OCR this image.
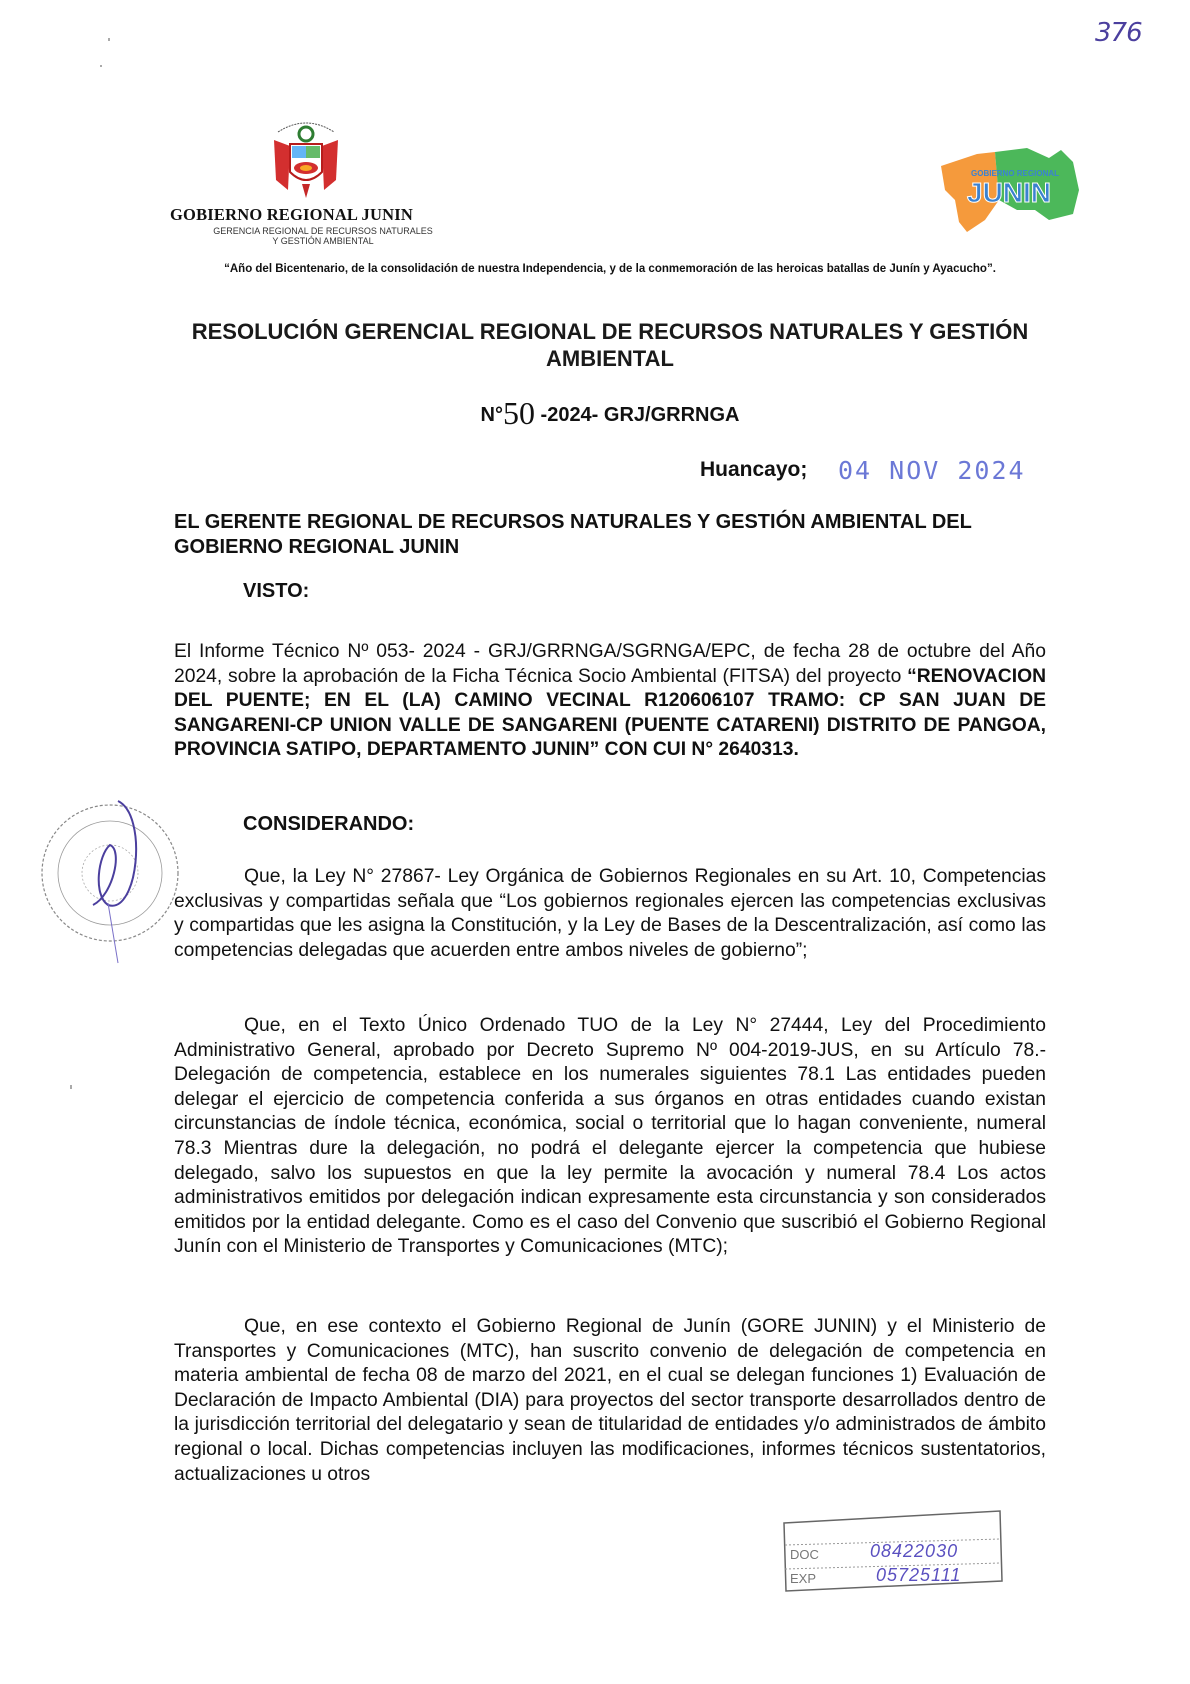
376
GOBIERNO REGIONAL JUNIN
GERENCIA REGIONAL DE RECURSOS NATURALES
Y GESTIÓN AMBIENTAL
GOBIERNO REGIONAL
JUNIN
“Año del Bicentenario, de la consolidación de nuestra Independencia, y de la conmemoración de las heroicas batallas de Junín y Ayacucho”.
RESOLUCIÓN GERENCIAL REGIONAL DE RECURSOS NATURALES Y GESTIÓN AMBIENTAL
N°50 -2024- GRJ/GRRNGA
Huancayo; 04 NOV 2024
EL GERENTE REGIONAL DE RECURSOS NATURALES Y GESTIÓN AMBIENTAL DEL GOBIERNO REGIONAL JUNIN
VISTO:
El Informe Técnico Nº 053- 2024 - GRJ/GRRNGA/SGRNGA/EPC, de fecha 28 de octubre del Año 2024, sobre la aprobación de la Ficha Técnica Socio Ambiental (FITSA) del proyecto “RENOVACION DEL PUENTE; EN EL (LA) CAMINO VECINAL R120606107 TRAMO: CP SAN JUAN DE SANGARENI-CP UNION VALLE DE SANGARENI (PUENTE CATARENI) DISTRITO DE PANGOA, PROVINCIA SATIPO, DEPARTAMENTO JUNIN” CON CUI N° 2640313.
CONSIDERANDO:
Que, la Ley N° 27867- Ley Orgánica de Gobiernos Regionales en su Art. 10, Competencias exclusivas y compartidas señala que “Los gobiernos regionales ejercen las competencias exclusivas y compartidas que les asigna la Constitución, y la Ley de Bases de la Descentralización, así como las competencias delegadas que acuerden entre ambos niveles de gobierno”;
Que, en el Texto Único Ordenado TUO de la Ley N° 27444, Ley del Procedimiento Administrativo General, aprobado por Decreto Supremo Nº 004-2019-JUS, en su Artículo 78.- Delegación de competencia, establece en los numerales siguientes 78.1 Las entidades pueden delegar el ejercicio de competencia conferida a sus órganos en otras entidades cuando existan circunstancias de índole técnica, económica, social o territorial que lo hagan conveniente, numeral 78.3 Mientras dure la delegación, no podrá el delegante ejercer la competencia que hubiese delegado, salvo los supuestos en que la ley permite la avocación y numeral 78.4 Los actos administrativos emitidos por delegación indican expresamente esta circunstancia y son considerados emitidos por la entidad delegante. Como es el caso del Convenio que suscribió el Gobierno Regional Junín con el Ministerio de Transportes y Comunicaciones (MTC);
Que, en ese contexto el Gobierno Regional de Junín (GORE JUNIN) y el Ministerio de Transportes y Comunicaciones (MTC), han suscrito convenio de delegación de competencia en materia ambiental de fecha 08 de marzo del 2021, en el cual se delegan funciones 1) Evaluación de Declaración de Impacto Ambiental (DIA) para proyectos del sector transporte desarrollados dentro de la jurisdicción territorial del delegatario y sean de titularidad de entidades y/o administrados de ámbito regional o local. Dichas competencias incluyen las modificaciones, informes técnicos sustentatorios, actualizaciones u otros
DOC	08422030
EXP	05725111
